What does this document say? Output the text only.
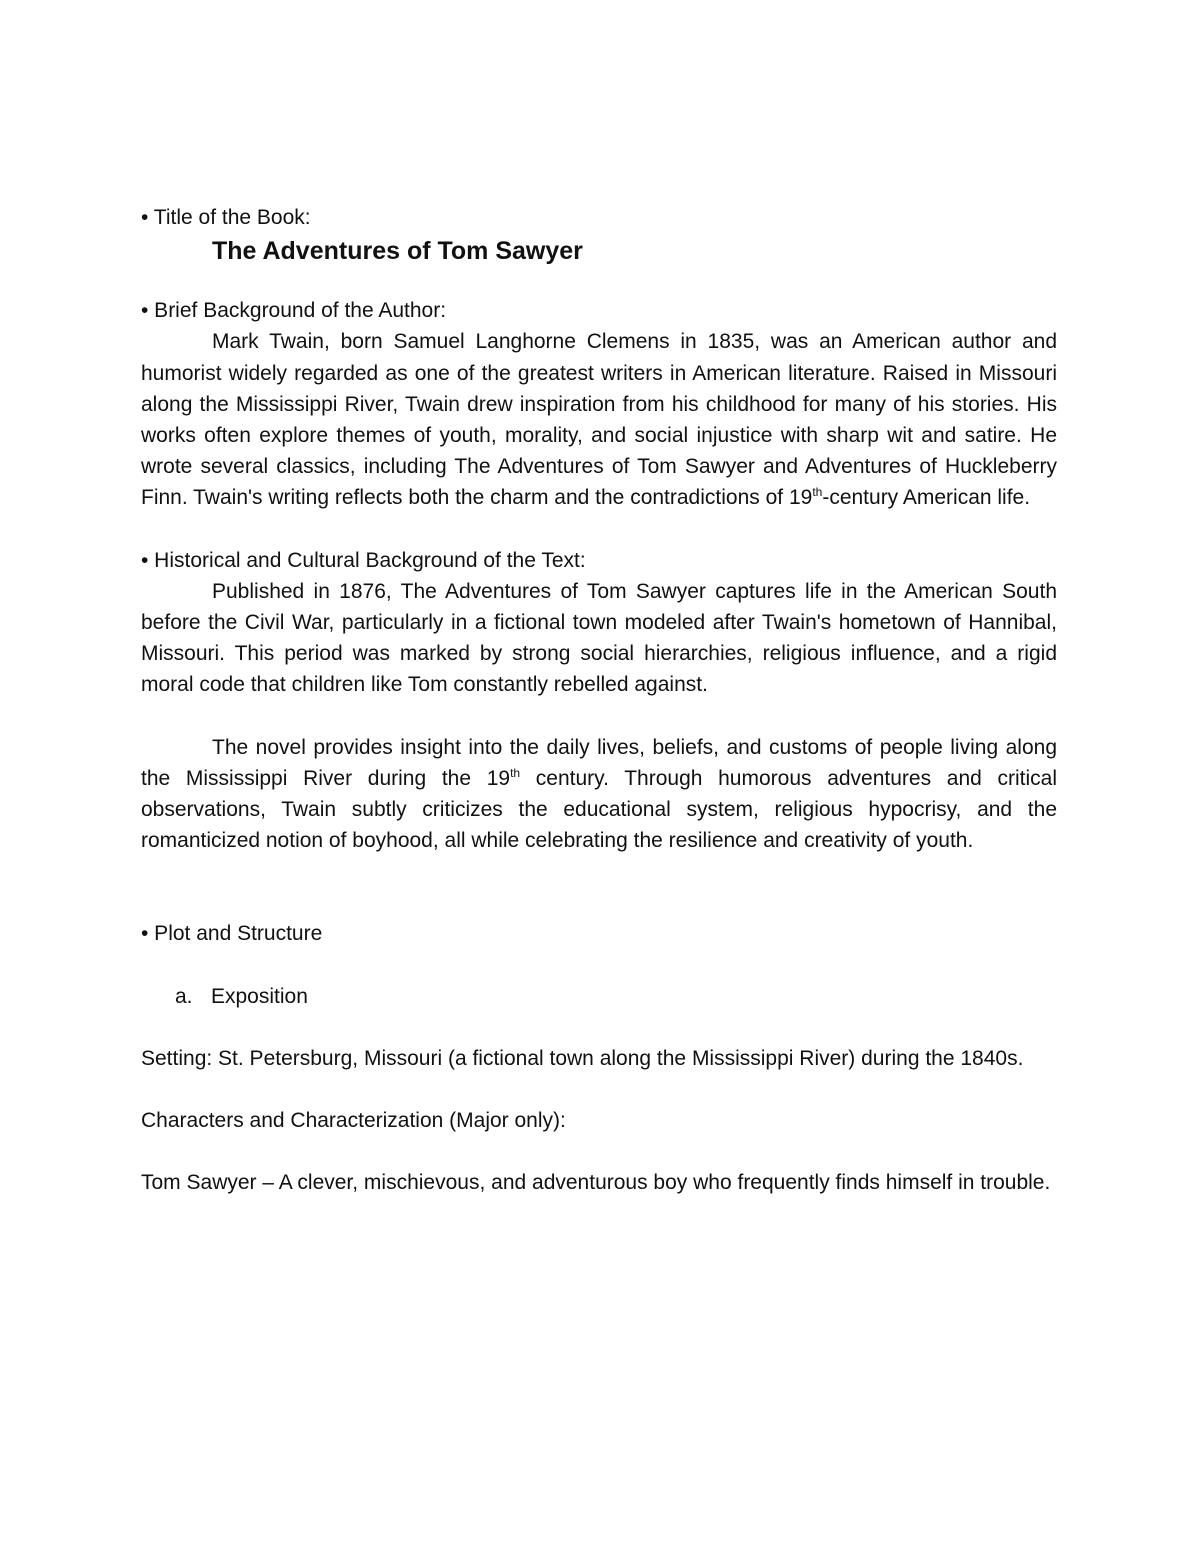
• Title of the Book:

The Adventures of Tom Sawyer

• Brief Background of the Author:

Mark Twain, born Samuel Langhorne Clemens in 1835, was an American author and humorist widely regarded as one of the greatest writers in American literature. Raised in Missouri along the Mississippi River, Twain drew inspiration from his childhood for many of his stories. His works often explore themes of youth, morality, and social injustice with sharp wit and satire. He wrote several classics, including The Adventures of Tom Sawyer and Adventures of Huckleberry Finn. Twain's writing reflects both the charm and the contradictions of 19th-century American life.

• Historical and Cultural Background of the Text:

Published in 1876, The Adventures of Tom Sawyer captures life in the American South before the Civil War, particularly in a fictional town modeled after Twain's hometown of Hannibal, Missouri. This period was marked by strong social hierarchies, religious influence, and a rigid moral code that children like Tom constantly rebelled against.

The novel provides insight into the daily lives, beliefs, and customs of people living along the Mississippi River during the 19th century. Through humorous adventures and critical observations, Twain subtly criticizes the educational system, religious hypocrisy, and the romanticized notion of boyhood, all while celebrating the resilience and creativity of youth.

• Plot and Structure

a. Exposition

Setting: St. Petersburg, Missouri (a fictional town along the Mississippi River) during the 1840s.

Characters and Characterization (Major only):

Tom Sawyer – A clever, mischievous, and adventurous boy who frequently finds himself in trouble.
